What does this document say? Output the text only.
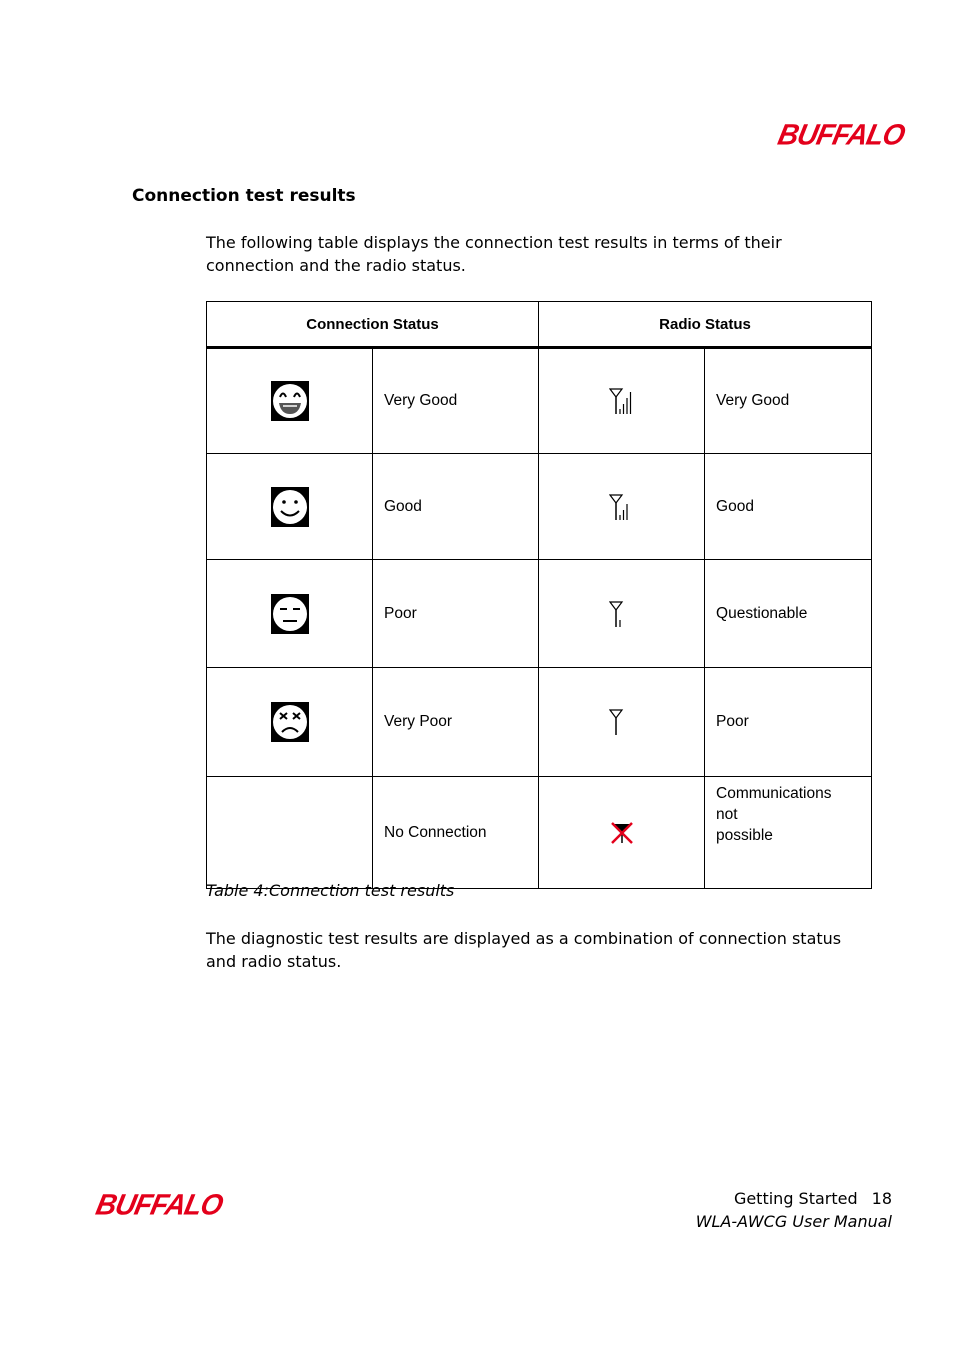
BUFFALO
Connection test results
The following table displays the connection test results in terms of their connection and the radio status.
Connection Status		Radio Status	
	Very Good		Very Good
	Good		Good
	Poor		Questionable
	Very Poor		Poor
	No Connection		Communications
not
possible
Table 4:Connection test results
The diagnostic test results are displayed as a combination of connection status and radio status.
BUFFALO	Getting Started 18
WLA-AWCG User Manual
